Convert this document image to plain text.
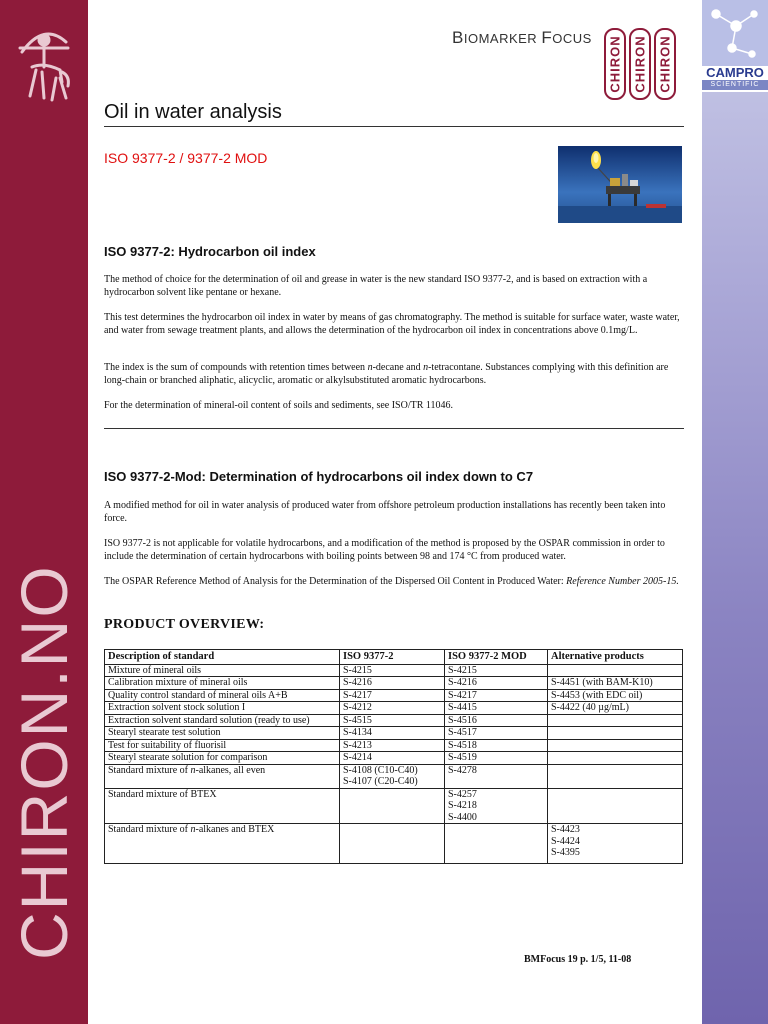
CHIRON.NO
CAMPRO
SCIENTIFIC
BIOMARKER FOCUS CHIRON CHIRON CHIRON
Oil in water analysis
ISO 9377-2 / 9377-2 MOD
ISO 9377-2: Hydrocarbon oil index
The method of choice for the determination of oil and grease in water is the new standard ISO 9377-2, and is based on extraction with a hydrocarbon solvent like pentane or hexane.
This test determines the hydrocarbon oil index in water by means of gas chromatography. The method is suitable for surface water, waste water, and water from sewage treatment plants, and allows the determination of the hydrocarbon oil index in concentrations above 0.1mg/L.
The index is the sum of compounds with retention times between n-decane and n-tetracontane. Substances complying with this definition are long-chain or branched aliphatic, alicyclic, aromatic or alkylsubstituted aromatic hydrocarbons.
For the determination of mineral-oil content of soils and sediments, see ISO/TR 11046.
ISO 9377-2-Mod: Determination of hydrocarbons oil index down to C7
A modified method for oil in water analysis of produced water from offshore petroleum production installations has recently been taken into force.
ISO 9377-2 is not applicable for volatile hydrocarbons, and a modification of the method is proposed by the OSPAR commission in order to include the determination of certain hydrocarbons with boiling points between 98 and 174 °C from produced water.
The OSPAR Reference Method of Analysis for the Determination of the Dispersed Oil Content in Produced Water: Reference Number 2005-15.
PRODUCT OVERVIEW:
Description of standard	ISO 9377-2	ISO 9377-2 MOD	Alternative products
Mixture of mineral oils	S-4215	S-4215	

Calibration mixture of mineral oils	S-4216	S-4216	S-4451 (with BAM-K10)

Quality control standard of mineral oils A+B	S-4217	S-4217	S-4453 (with EDC oil)

Extraction solvent stock solution I	S-4212	S-4415	S-4422 (40 µg/mL)

Extraction solvent standard solution (ready to use)	S-4515	S-4516	

Stearyl stearate test solution	S-4134	S-4517	

Test for suitability of fluorisil	S-4213	S-4518	

Stearyl stearate solution for comparison	S-4214	S-4519	

Standard mixture of n-alkanes, all even	S-4108 (C10-C40)
S-4107 (C20-C40)	S-4278	

Standard mixture of BTEX		S-4257
S-4218
S-4400	

Standard mixture of n-alkanes and BTEX			S-4423
S-4424
S-4395
BMFocus 19 p. 1/5, 11-08
